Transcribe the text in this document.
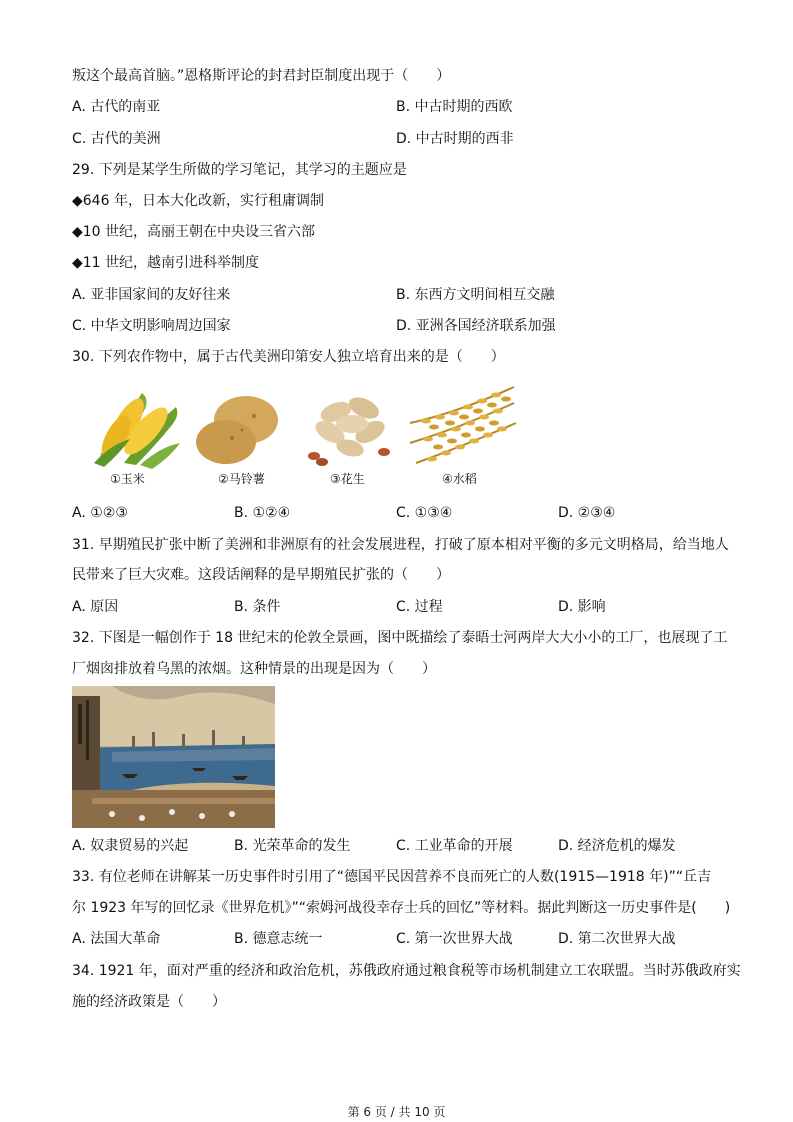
叛这个最高首脑。”恩格斯评论的封君封臣制度出现于（　　）
A. 古代的南亚	B. 中古时期的西欧
C. 古代的美洲	D. 中古时期的西非
29. 下列是某学生所做的学习笔记，其学习的主题应是
◆646 年，日本大化改新，实行租庸调制
◆10 世纪，高丽王朝在中央设三省六部
◆11 世纪，越南引进科举制度
A. 亚非国家间的友好往来	B. 东西方文明间相互交融
C. 中华文明影响周边国家	D. 亚洲各国经济联系加强
30. 下列农作物中，属于古代美洲印第安人独立培育出来的是（　　）
①玉米	②马铃薯	③花生	④水稻
A. ①②③	B. ①②④	C. ①③④	D. ②③④
31. 早期殖民扩张中断了美洲和非洲原有的社会发展进程，打破了原本相对平衡的多元文明格局，给当地人
民带来了巨大灾难。这段话阐释的是早期殖民扩张的（　　）
A. 原因	B. 条件	C. 过程	D. 影响
32. 下图是一幅创作于 18 世纪末的伦敦全景画，图中既描绘了泰晤士河两岸大大小小的工厂，也展现了工
厂烟囱排放着乌黑的浓烟。这种情景的出现是因为（　　）
A. 奴隶贸易的兴起	B. 光荣革命的发生	C. 工业革命的开展	D. 经济危机的爆发
33. 有位老师在讲解某一历史事件时引用了“德国平民因营养不良而死亡的人数(1915—1918 年)”“丘吉
尔 1923 年写的回忆录《世界危机》”“索姆河战役幸存士兵的回忆”等材料。据此判断这一历史事件是(　　)
A. 法国大革命	B. 德意志统一	C. 第一次世界大战	D. 第二次世界大战
34. 1921 年，面对严重的经济和政治危机，苏俄政府通过粮食税等市场机制建立工农联盟。当时苏俄政府实
施的经济政策是（　　）
第 6 页 / 共 10 页
